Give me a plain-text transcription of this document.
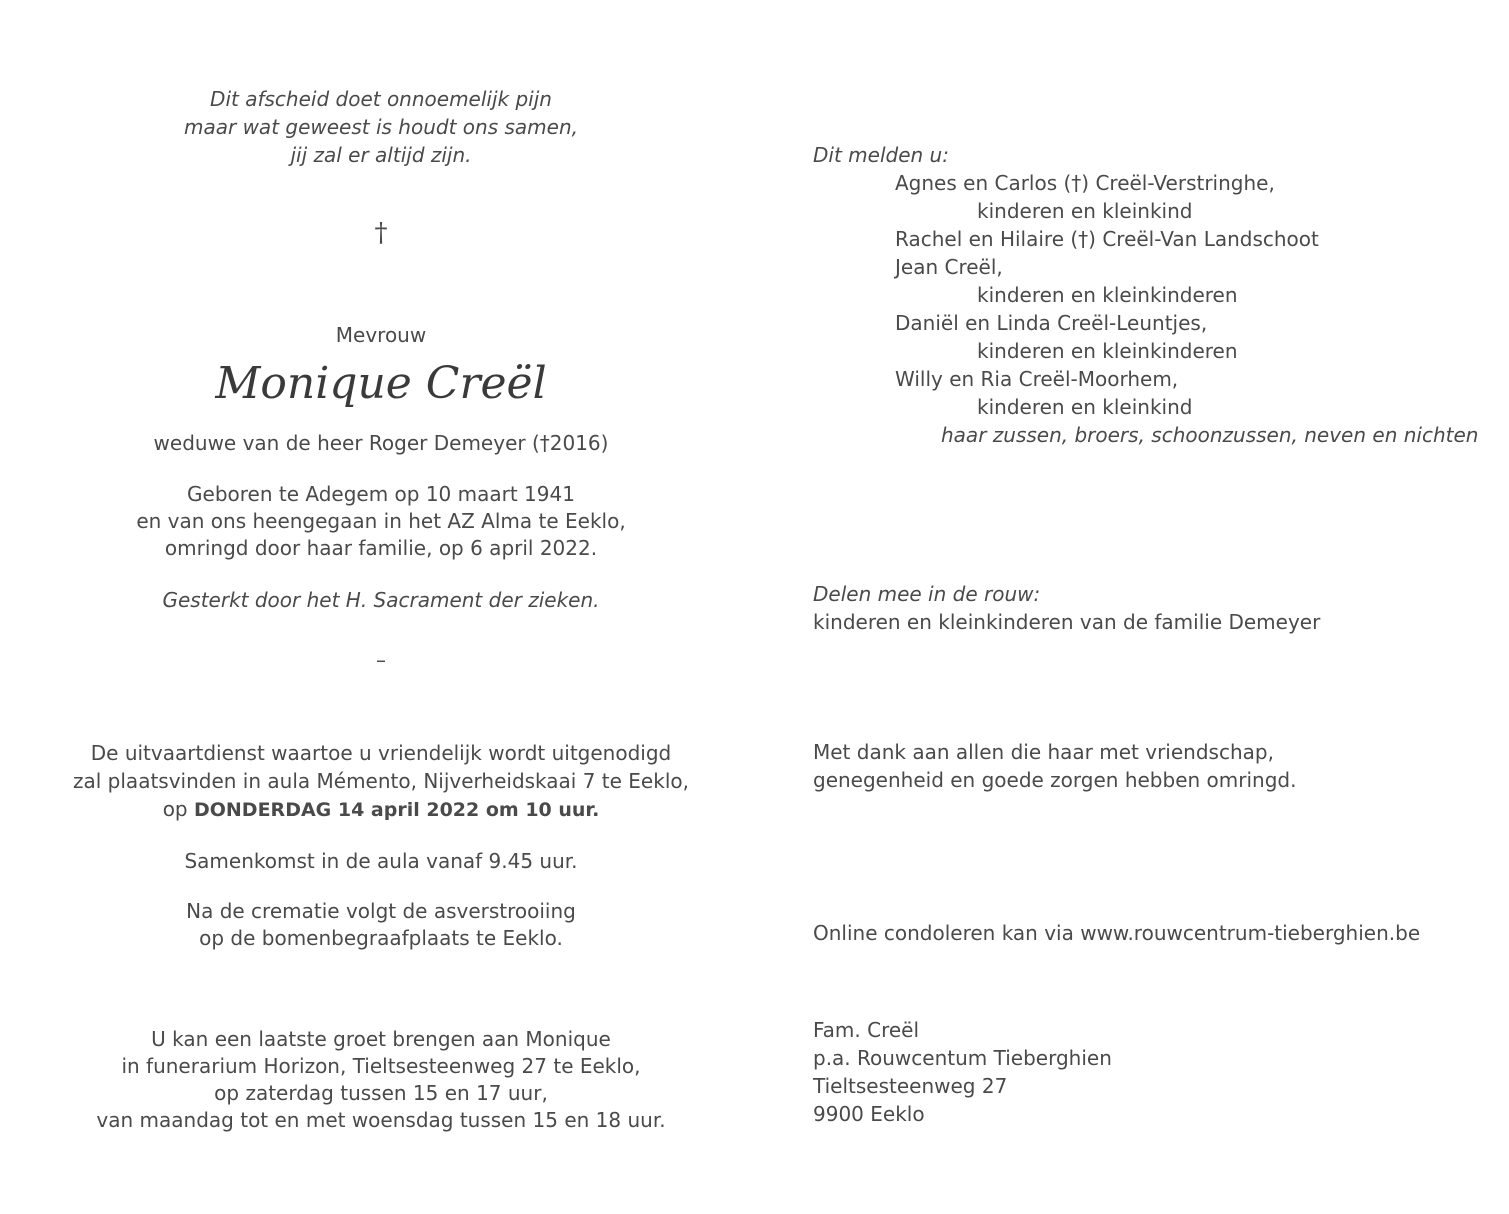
Dit afscheid doet onnoemelijk pijn
maar wat geweest is houdt ons samen,
jij zal er altijd zijn.
†
Mevrouw
Monique Creël
weduwe van de heer Roger Demeyer (†2016)
Geboren te Adegem op 10 maart 1941
en van ons heengegaan in het AZ Alma te Eeklo,
omringd door haar familie, op 6 april 2022.
Gesterkt door het H. Sacrament der zieken.
–
De uitvaartdienst waartoe u vriendelijk wordt uitgenodigd
zal plaatsvinden in aula Mémento, Nijverheidskaai 7 te Eeklo,
op DONDERDAG 14 april 2022 om 10 uur.
Samenkomst in de aula vanaf 9.45 uur.
Na de crematie volgt de asverstrooiing
op de bomenbegraafplaats te Eeklo.
U kan een laatste groet brengen aan Monique
in funerarium Horizon, Tieltsesteenweg 27 te Eeklo,
op zaterdag tussen 15 en 17 uur,
van maandag tot en met woensdag tussen 15 en 18 uur.
Dit melden u:
Agnes en Carlos (†) Creël-Verstringhe,
kinderen en kleinkind
Rachel en Hilaire (†) Creël-Van Landschoot
Jean Creël,
kinderen en kleinkinderen
Daniël en Linda Creël-Leuntjes,
kinderen en kleinkinderen
Willy en Ria Creël-Moorhem,
kinderen en kleinkind
haar zussen, broers, schoonzussen, neven en nichten
Delen mee in de rouw:
kinderen en kleinkinderen van de familie Demeyer
Met dank aan allen die haar met vriendschap,
genegenheid en goede zorgen hebben omringd.
Online condoleren kan via www.rouwcentrum-tieberghien.be
Fam. Creël
p.a. Rouwcentum Tieberghien
Tieltsesteenweg 27
9900 Eeklo
